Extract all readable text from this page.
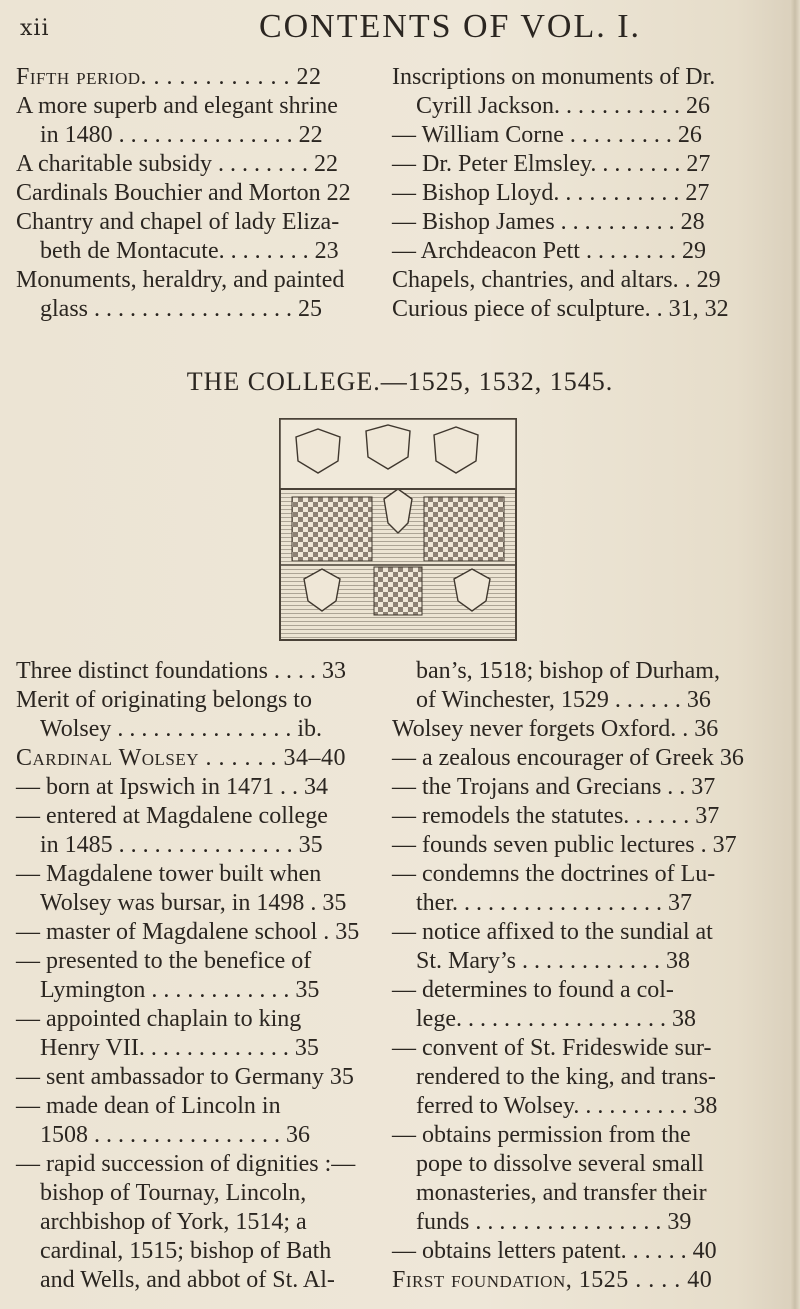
xii	CONTENTS OF VOL. I.

Fifth period. . . . . . . . . . . . 22

A more superb and elegant shrine

in 1480 . . . . . . . . . . . . . . . 22

A charitable subsidy . . . . . . . . 22

Cardinals Bouchier and Morton 22

Chantry and chapel of lady Eliza-

beth de Montacute. . . . . . . . 23

Monuments, heraldry, and painted

glass . . . . . . . . . . . . . . . . . 25

Inscriptions on monuments of Dr.

Cyrill Jackson. . . . . . . . . . . 26

— William Corne . . . . . . . . . 26

— Dr. Peter Elmsley. . . . . . . . 27

— Bishop Lloyd. . . . . . . . . . . 27

— Bishop James . . . . . . . . . . 28

— Archdeacon Pett . . . . . . . . 29

Chapels, chantries, and altars. . 29

Curious piece of sculpture. . 31, 32

THE COLLEGE.—1525, 1532, 1545.

Three distinct foundations . . . . 33

Merit of originating belongs to

Wolsey . . . . . . . . . . . . . . . ib.

Cardinal Wolsey . . . . . . 34–40

— born at Ipswich in 1471 . . 34

— entered at Magdalene college

in 1485 . . . . . . . . . . . . . . . 35

— Magdalene tower built when

Wolsey was bursar, in 1498 . 35

— master of Magdalene school . 35

— presented to the benefice of

Lymington . . . . . . . . . . . . 35

— appointed chaplain to king

Henry VII. . . . . . . . . . . . . 35

— sent ambassador to Germany 35

— made dean of Lincoln in

1508 . . . . . . . . . . . . . . . . 36

— rapid succession of dignities :—

bishop of Tournay, Lincoln,

archbishop of York, 1514; a

cardinal, 1515; bishop of Bath

and Wells, and abbot of St. Al-

ban’s, 1518; bishop of Durham,

of Winchester, 1529 . . . . . . 36

Wolsey never forgets Oxford. . 36

— a zealous encourager of Greek 36

— the Trojans and Grecians . . 37

— remodels the statutes. . . . . . 37

— founds seven public lectures . 37

— condemns the doctrines of Lu-

ther. . . . . . . . . . . . . . . . . . 37

— notice affixed to the sundial at

St. Mary’s . . . . . . . . . . . . 38

— determines to found a col-

lege. . . . . . . . . . . . . . . . . . 38

— convent of St. Frideswide sur-

rendered to the king, and trans-

ferred to Wolsey. . . . . . . . . . 38

— obtains permission from the

pope to dissolve several small

monasteries, and transfer their

funds . . . . . . . . . . . . . . . . 39

— obtains letters patent. . . . . . 40

First foundation, 1525 . . . . 40
